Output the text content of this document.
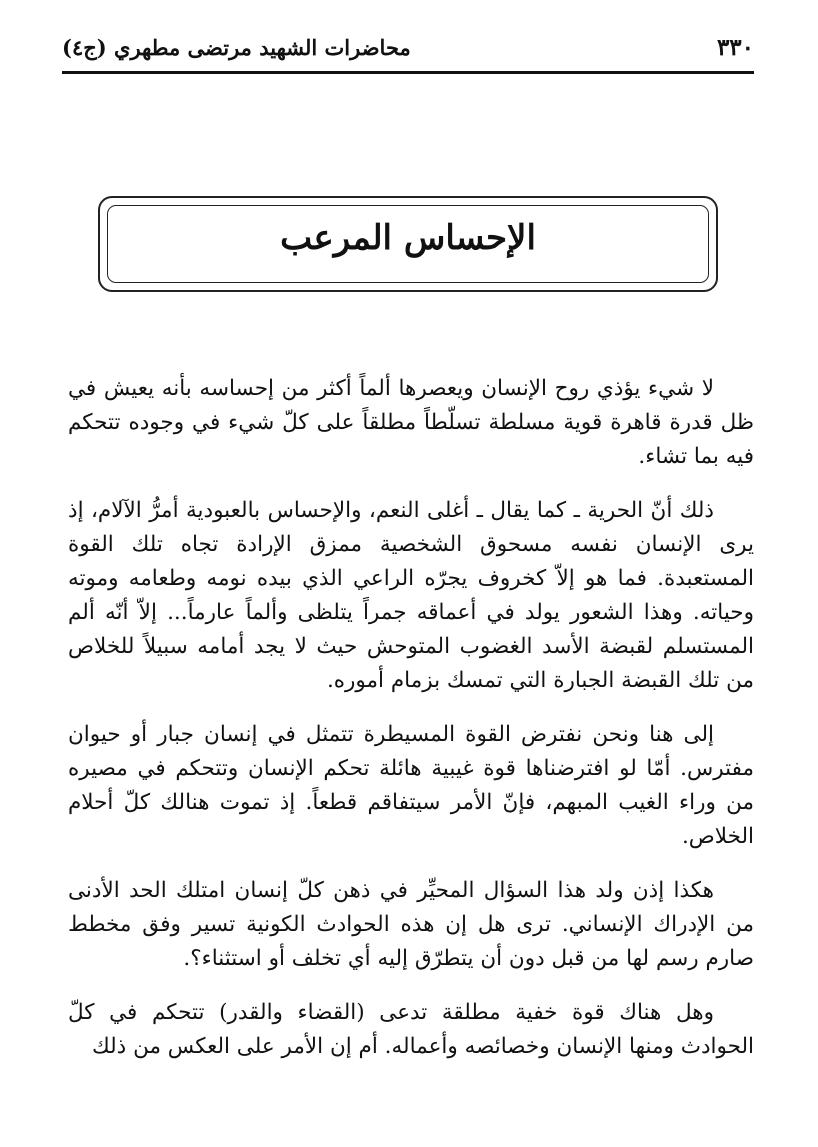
٣٣٠
محاضرات الشهيد مرتضى مطهري (ج٤)
الإحساس المرعب

لا شيء يؤذي روح الإنسان ويعصرها ألماً أكثر من إحساسه بأنه يعيش في ظل قدرة قاهرة قوية مسلطة تسلّطاً مطلقاً على كلّ شيء في وجوده تتحكم فيه بما تشاء.

ذلك أنّ الحرية ـ كما يقال ـ أغلى النعم، والإحساس بالعبودية أمرُّ الآلام، إذ يرى الإنسان نفسه مسحوق الشخصية ممزق الإرادة تجاه تلك القوة المستعبدة. فما هو إلاّ كخروف يجرّه الراعي الذي بيده نومه وطعامه وموته وحياته. وهذا الشعور يولد في أعماقه جمراً يتلظى وألماً عارماً... إلاّ أنّه ألم المستسلم لقبضة الأسد الغضوب المتوحش حيث لا يجد أمامه سبيلاً للخلاص من تلك القبضة الجبارة التي تمسك بزمام أموره.

إلى هنا ونحن نفترض القوة المسيطرة تتمثل في إنسان جبار أو حيوان مفترس. أمّا لو افترضناها قوة غيبية هائلة تحكم الإنسان وتتحكم في مصيره من وراء الغيب المبهم، فإنّ الأمر سيتفاقم قطعاً. إذ تموت هنالك كلّ أحلام الخلاص.

هكذا إذن ولد هذا السؤال المحيِّر في ذهن كلّ إنسان امتلك الحد الأدنى من الإدراك الإنساني. ترى هل إن هذه الحوادث الكونية تسير وفق مخطط صارم رسم لها من قبل دون أن يتطرّق إليه أي تخلف أو استثناء؟.

وهل هناك قوة خفية مطلقة تدعى (القضاء والقدر) تتحكم في كلّ الحوادث ومنها الإنسان وخصائصه وأعماله. أم إن الأمر على العكس من ذلك
